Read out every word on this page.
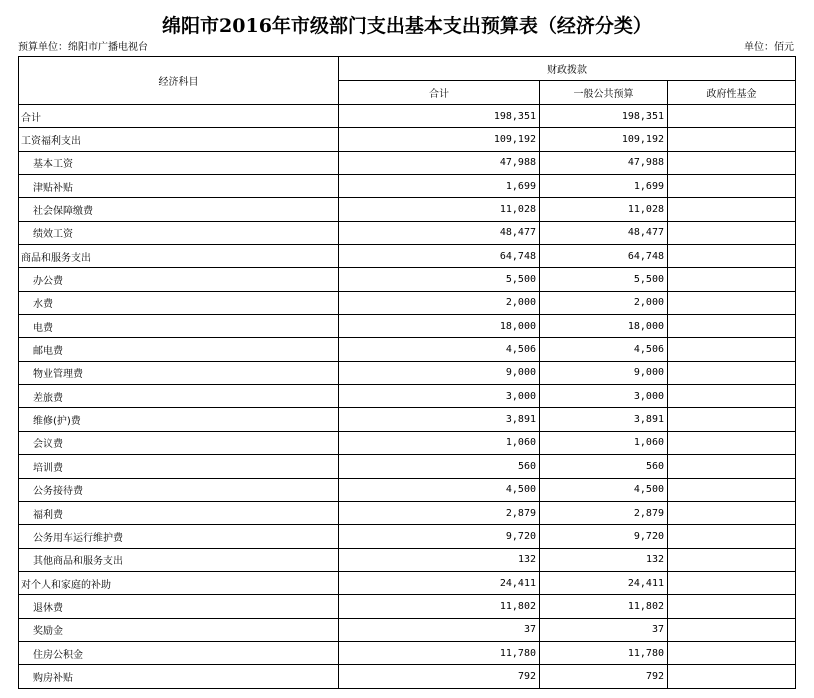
绵阳市2016年市级部门支出基本支出预算表（经济分类）
预算单位：绵阳市广播电视台	单位：佰元
经济科目	财政拨款		
	合计	一般公共预算	政府性基金
合计	198,351	198,351	
工资福利支出	109,192	109,192	
基本工资	47,988	47,988	
津贴补贴	1,699	1,699	
社会保障缴费	11,028	11,028	
绩效工资	48,477	48,477	
商品和服务支出	64,748	64,748	
办公费	5,500	5,500	
水费	2,000	2,000	
电费	18,000	18,000	
邮电费	4,506	4,506	
物业管理费	9,000	9,000	
差旅费	3,000	3,000	
维修(护)费	3,891	3,891	
会议费	1,060	1,060	
培训费	560	560	
公务接待费	4,500	4,500	
福利费	2,879	2,879	
公务用车运行维护费	9,720	9,720	
其他商品和服务支出	132	132	
对个人和家庭的补助	24,411	24,411	
退休费	11,802	11,802	
奖励金	37	37	
住房公积金	11,780	11,780	
购房补贴	792	792	
